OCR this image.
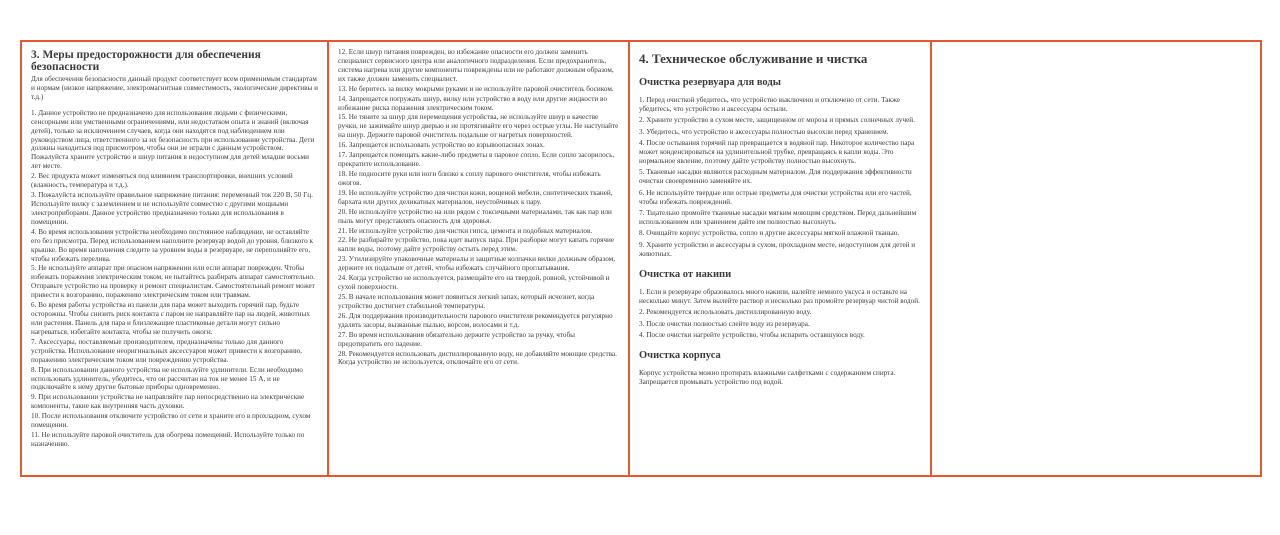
3. Меры предосторожности для обеспечения безопасности

Для обеспечения безопасности данный продукт соответствует всем применимым стандартам и нормам (низкое напряжение, электромагнитная совместимость, экологические директивы и т.д.)

1. Данное устройство не предназначено для использования людьми с физическими, сенсорными или умственными ограничениями, или недостатком опыта и знаний (включая детей), только за исключением случаев, когда они находятся под наблюдением или руководством лица, ответственного за их безопасность при использовании устройства. Дети должны находиться под присмотром, чтобы они не играли с данным устройством. Пожалуйста храните устройство и шнур питания в недоступном для детей младше восьми лет месте.

2. Вес продукта может изменяться под влиянием транспортировки, внешних условий (влажность, температура и т.д.).

3. Пожалуйста используйте правильное напряжение питания: переменный ток 220 В, 50 Гц. Используйте вилку с заземлением и не используйте совместно с другими мощными электроприборами. Данное устройство предназначено только для использования в помещении.

4. Во время использования устройства необходимо постоянное наблюдение, не оставляйте его без присмотра. Перед использованием наполните резервуар водой до уровня, близкого к крышке. Во время наполнения следите за уровнем воды в резервуаре, не переполняйте его, чтобы избежать перелива.

5. Не используйте аппарат при опасном напряжении или если аппарат поврежден. Чтобы избежать поражения электрическим током, не пытайтесь разбирать аппарат самостоятельно. Отправьте устройство на проверку и ремонт специалистам. Самостоятельный ремонт может привести к возгоранию, поражению электрическим током или травмам.

6. Во время работы устройства из панели для пара может выходить горячий пар, будьте осторожны. Чтобы снизить риск контакта с паром не направляйте пар на людей, животных или растения. Панель для пара и близлежащие пластиковые детали могут сильно нагреваться, избегайте контакта, чтобы не получить ожоги.

7. Аксессуары, поставляемые производителем, предназначены только для данного устройства. Использование неоригинальных аксессуаров может привести к возгоранию, поражению электрическим током или повреждению устройства.

8. При использовании данного устройства не используйте удлинители. Если необходимо использовать удлинитель, убедитесь, что он рассчитан на ток не менее 15 А, и не подключайте к нему другие бытовые приборы одновременно.

9. При использовании устройства не направляйте пар непосредственно на электрические компоненты, такие как внутренняя часть духовки.

10. После использования отключите устройство от сети и храните его в прохладном, сухом помещении.

11. Не используйте паровой очиститель для обогрева помещений. Используйте только по назначению.

12. Если шнур питания поврежден, во избежание опасности его должен заменить специалист сервисного центра или аналогичного подразделения. Если предохранитель, система нагрева или другие компоненты повреждены или не работают должным образом, их также должен заменить специалист.

13. Не беритесь за вилку мокрыми руками и не используйте паровой очиститель босиком.

14. Запрещается погружать шнур, вилку или устройство в воду или другие жидкости во избежание риска поражения электрическим током.

15. Не тяните за шнур для перемещения устройства, не используйте шнур в качестве ручки, не зажимайте шнур дверью и не протягивайте его через острые углы. Не наступайте на шнур. Держите паровой очиститель подальше от нагретых поверхностей.

16. Запрещается использовать устройство во взрывоопасных зонах.

17. Запрещается помещать какие-либо предметы в паровое сопло. Если сопло засорилось, прекратите использование.

18. Не подносите руки или ноги близко к соплу парового очистителя, чтобы избежать ожогов.

19. Не используйте устройство для чистки кожи, вощеной мебели, синтетических тканей, бархата или других деликатных материалов, неустойчивых к пару.

20. Не используйте устройство на или рядом с токсичными материалами, так как пар или пыль могут представлять опасность для здоровья.

21. Не используйте устройство для чистки гипса, цемента и подобных материалов.

22. Не разбирайте устройство, пока идет выпуск пара. При разборке могут капать горячие капли воды, поэтому дайте устройству остыть перед этим.

23. Утилизируйте упаковочные материалы и защитные колпачки вилки должным образом, держите их подальше от детей, чтобы избежать случайного проглатывания.

24. Когда устройство не используется, размещайте его на твердой, ровной, устойчивой и сухой поверхности.

25. В начале использования может появиться легкий запах, который исчезнет, когда устройство достигнет стабильной температуры.

26. Для поддержания производительности парового очистителя рекомендуется регулярно удалять засоры, вызванные пылью, ворсом, волосами и т.д.

27. Во время использования обязательно держите устройство за ручку, чтобы предотвратить его падение.

28. Рекомендуется использовать дистиллированную воду, не добавляйте моющие средства. Когда устройство не используется, отключайте его от сети.

4. Техническое обслуживание и чистка
Очистка резервуара для воды

1. Перед очисткой убедитесь, что устройство выключено и отключено от сети. Также убедитесь, что устройство и аксессуары остыли.

2. Храните устройство в сухом месте, защищенном от мороза и прямых солнечных лучей.

3. Убедитесь, что устройство и аксессуары полностью высохли перед хранением.

4. После остывания горячий пар превращается в водяной пар. Некоторое количество пара может конденсироваться на удлинительной трубке, превращаясь в капли воды. Это нормальное явление, поэтому дайте устройству полностью высохнуть.

5. Тканевые насадки являются расходным материалом. Для поддержания эффективности очистки своевременно заменяйте их.

6. Не используйте твердые или острые предметы для очистки устройства или его частей, чтобы избежать повреждений.

7. Тщательно промойте тканевые насадки мягким моющим средством. Перед дальнейшим использованием или хранением дайте им полностью высохнуть.

8. Очищайте корпус устройства, сопло и другие аксессуары мягкой влажной тканью.

9. Храните устройство и аксессуары в сухом, прохладном месте, недоступном для детей и животных.

Очистка от накипи

1. Если в резервуаре образовалось много накипи, налейте немного уксуса и оставьте на несколько минут. Затем вылейте раствор и несколько раз промойте резервуар чистой водой.

2. Рекомендуется использовать дистиллированную воду.

3. После очистки полностью слейте воду из резервуара.

4. После очистки нагрейте устройство, чтобы испарить оставшуюся воду.

Очистка корпуса

Корпус устройства можно протирать влажными салфетками с содержанием спирта. Запрещается промывать устройство под водой.
